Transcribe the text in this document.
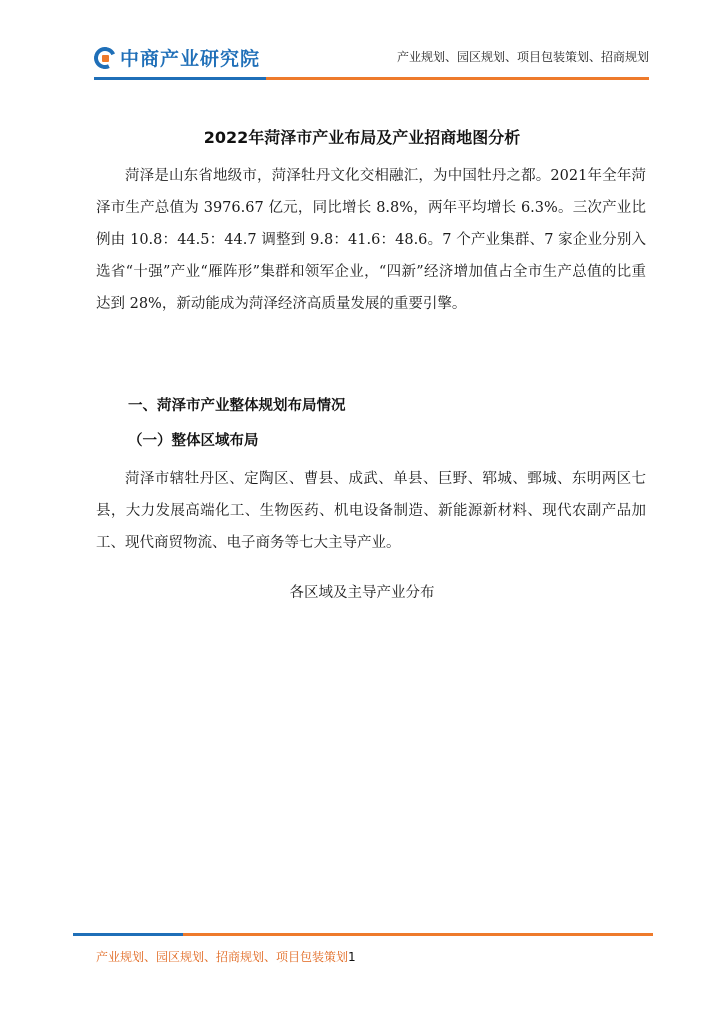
中商产业研究院	产业规划、园区规划、项目包装策划、招商规划
2022年菏泽市产业布局及产业招商地图分析

菏泽是山东省地级市，菏泽牡丹文化交相融汇，为中国牡丹之都。2021年全年菏泽市生产总值为 3976.67 亿元，同比增长 8.8%，两年平均增长 6.3%。三次产业比例由 10.8：44.5：44.7 调整到 9.8：41.6：48.6。7 个产业集群、7 家企业分别入选省“十强”产业“雁阵形”集群和领军企业，“四新”经济增加值占全市生产总值的比重达到 28%，新动能成为菏泽经济高质量发展的重要引擎。

一、菏泽市产业整体规划布局情况
（一）整体区域布局

菏泽市辖牡丹区、定陶区、曹县、成武、单县、巨野、郓城、鄄城、东明两区七县，大力发展高端化工、生物医药、机电设备制造、新能源新材料、现代农副产品加工、现代商贸物流、电子商务等七大主导产业。

各区域及主导产业分布
产业规划、园区规划、招商规划、项目包装策划1
